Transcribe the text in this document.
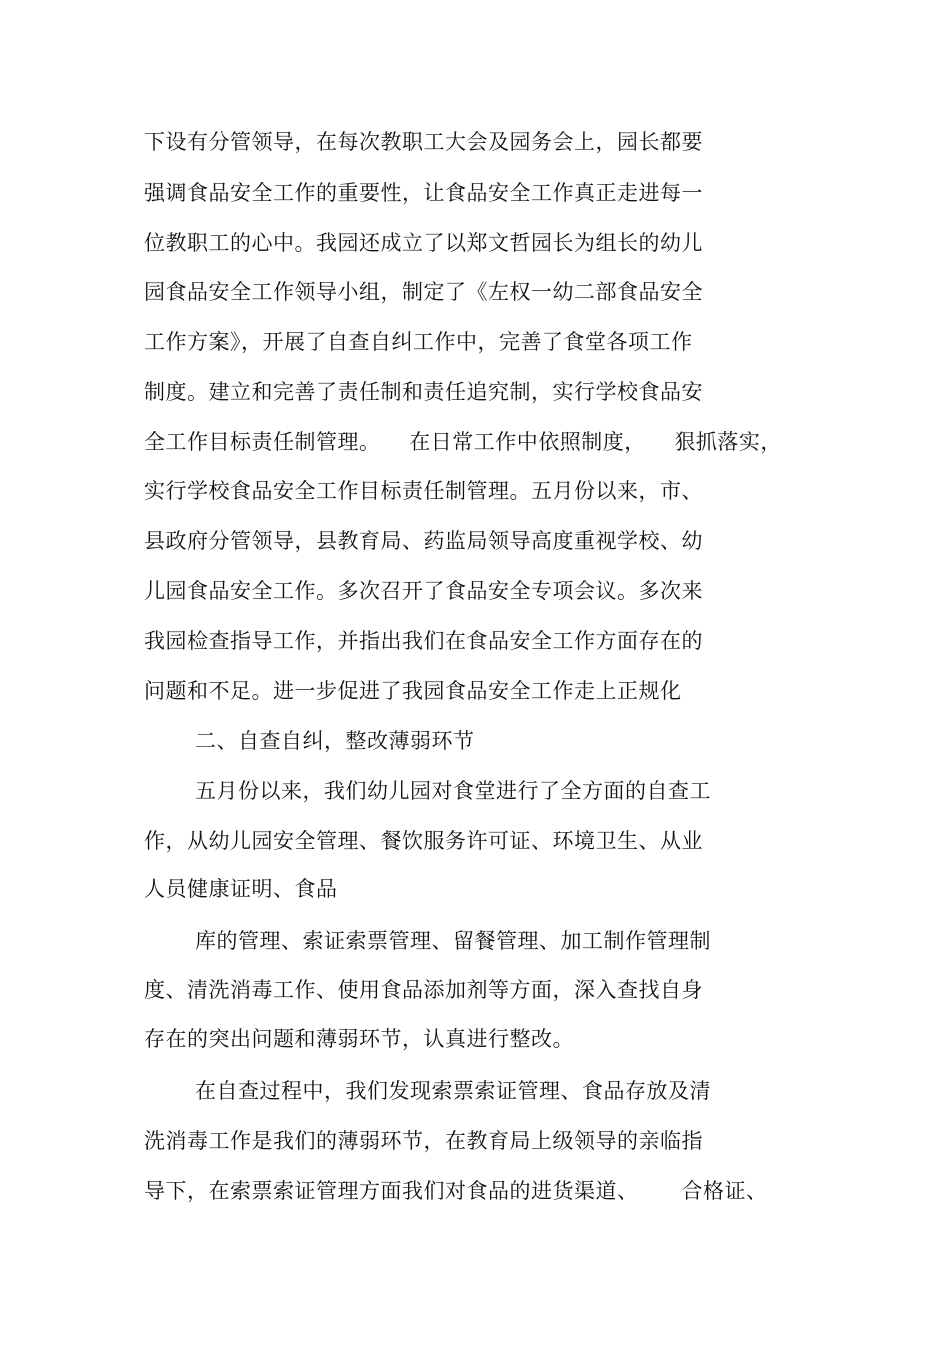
下设有分管领导，在每次教职工大会及园务会上，园长都要
强调食品安全工作的重要性，让食品安全工作真正走进每一
位教职工的心中。我园还成立了以郑文哲园长为组长的幼儿
园食品安全工作领导小组，制定了《左权一幼二部食品安全
工作方案》，开展了自查自纠工作中，完善了食堂各项工作
制度。建立和完善了责任制和责任追究制，实行学校食品安
全工作目标责任制管理。    在日常工作中依照制度，    狠抓落实，
实行学校食品安全工作目标责任制管理。五月份以来，市、
县政府分管领导，县教育局、药监局领导高度重视学校、幼
儿园食品安全工作。多次召开了食品安全专项会议。多次来
我园检查指导工作，并指出我们在食品安全工作方面存在的
问题和不足。进一步促进了我园食品安全工作走上正规化
二、自查自纠，整改薄弱环节
五月份以来，我们幼儿园对食堂进行了全方面的自查工
作，从幼儿园安全管理、餐饮服务许可证、环境卫生、从业
人员健康证明、食品
库的管理、索证索票管理、留餐管理、加工制作管理制
度、清洗消毒工作、使用食品添加剂等方面，深入查找自身
存在的突出问题和薄弱环节，认真进行整改。
在自查过程中，我们发现索票索证管理、食品存放及清
洗消毒工作是我们的薄弱环节，在教育局上级领导的亲临指
导下，在索票索证管理方面我们对食品的进货渠道、      合格证、
